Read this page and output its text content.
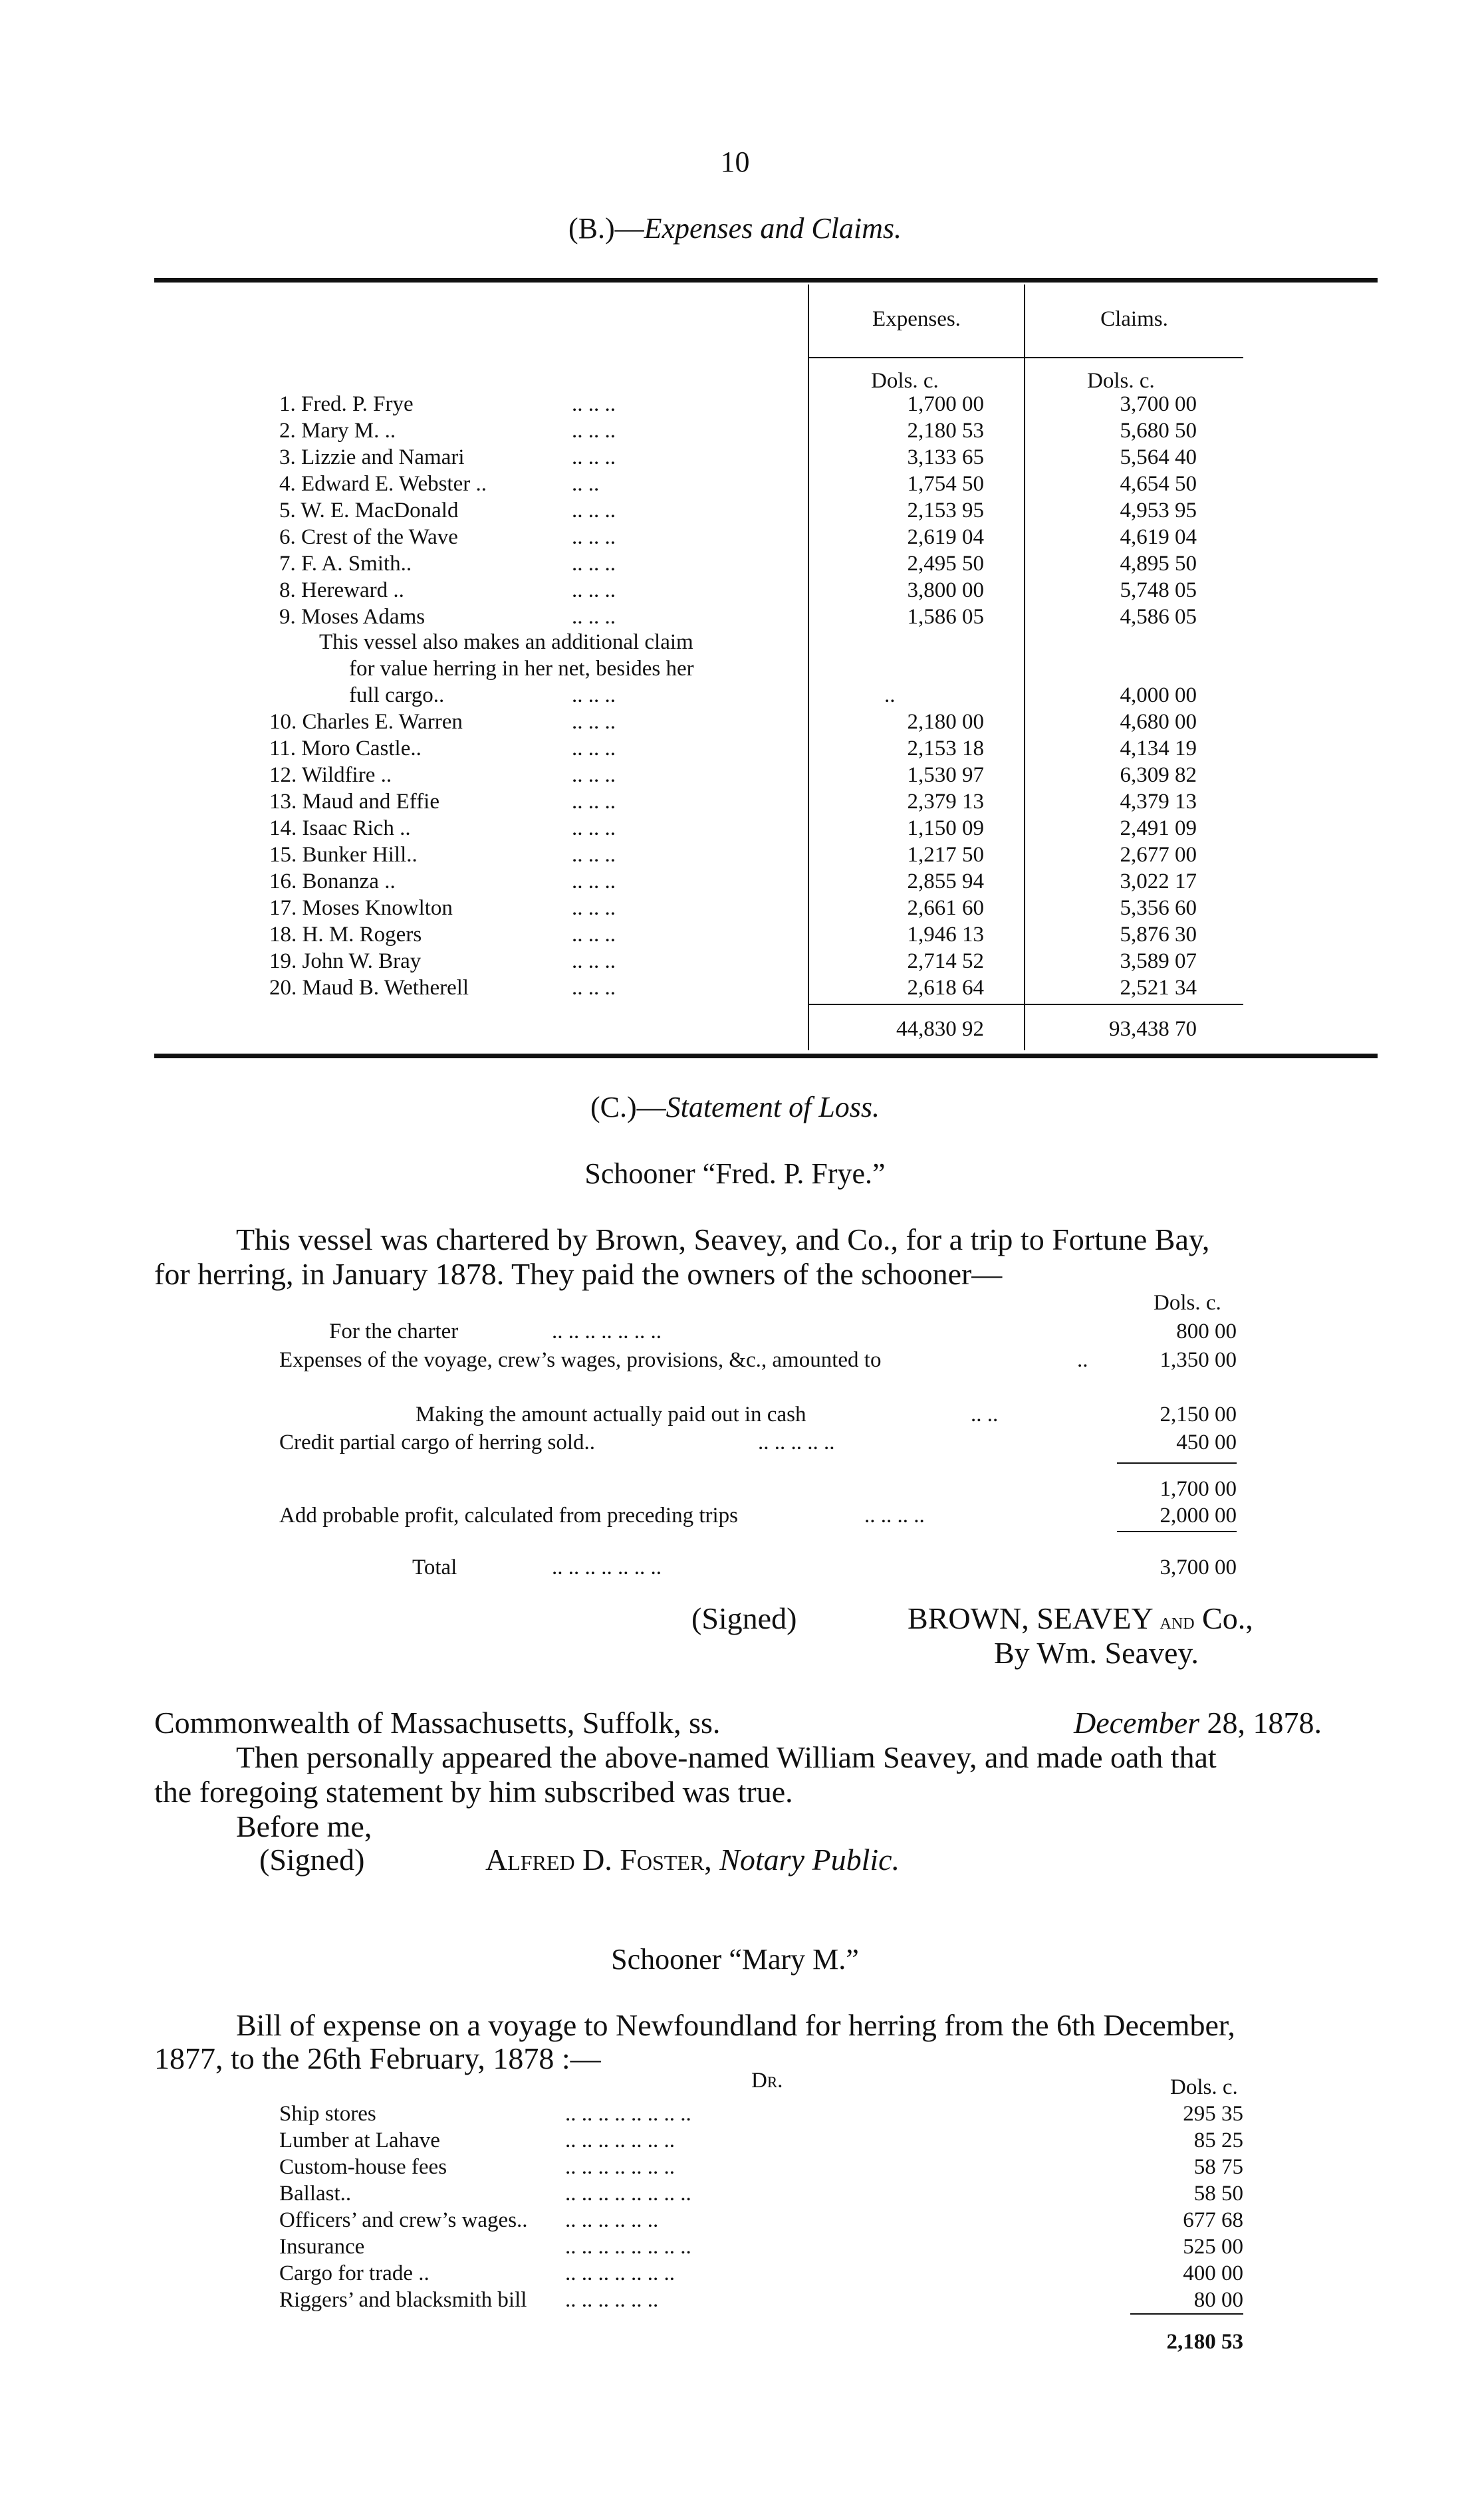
10
(B.)—Expenses and Claims.
Expenses.	Claims.
Dols. c.	Dols. c.
1. Fred. P. Frye	.. .. ..	1,700 00	3,700 00
2. Mary M. ..	.. .. ..	2,180 53	5,680 50
3. Lizzie and Namari	.. .. ..	3,133 65	5,564 40
4. Edward E. Webster ..	.. ..	1,754 50	4,654 50
5. W. E. MacDonald	.. .. ..	2,153 95	4,953 95
6. Crest of the Wave	.. .. ..	2,619 04	4,619 04
7. F. A. Smith..	.. .. ..	2,495 50	4,895 50
8. Hereward ..	.. .. ..	3,800 00	5,748 05
9. Moses Adams	.. .. ..	1,586 05	4,586 05
This vessel also makes an additional claim
for value herring in her net, besides her
full cargo..	.. .. ..	..	4,000 00
10. Charles E. Warren	.. .. ..	2,180 00	4,680 00
11. Moro Castle..	.. .. ..	2,153 18	4,134 19
12. Wildfire ..	.. .. ..	1,530 97	6,309 82
13. Maud and Effie	.. .. ..	2,379 13	4,379 13
14. Isaac Rich ..	.. .. ..	1,150 09	2,491 09
15. Bunker Hill..	.. .. ..	1,217 50	2,677 00
16. Bonanza ..	.. .. ..	2,855 94	3,022 17
17. Moses Knowlton	.. .. ..	2,661 60	5,356 60
18. H. M. Rogers	.. .. ..	1,946 13	5,876 30
19. John W. Bray	.. .. ..	2,714 52	3,589 07
20. Maud B. Wetherell	.. .. ..	2,618 64	2,521 34
44,830 92	93,438 70
(C.)—Statement of Loss.
Schooner “Fred. P. Frye.”
This vessel was chartered by Brown, Seavey, and Co., for a trip to Fortune Bay,
for herring, in January 1878. They paid the owners of the schooner—
Dols. c.
For the charter	.. .. .. .. .. .. ..	800 00
Expenses of the voyage, crew’s wages, provisions, &c., amounted to	..	1,350 00
Making the amount actually paid out in cash	.. ..	2,150 00
Credit partial cargo of herring sold..	.. .. .. .. ..	450 00
1,700 00
Add probable profit, calculated from preceding trips	.. .. .. ..	2,000 00
Total	.. .. .. .. .. .. ..	3,700 00
(Signed)	BROWN, SEAVEY and Co.,
By Wm. Seavey.
Commonwealth of Massachusetts, Suffolk, ss.	December 28, 1878.
Then personally appeared the above-named William Seavey, and made oath that
the foregoing statement by him subscribed was true.
Before me,
(Signed)	Alfred D. Foster, Notary Public.
Schooner “Mary M.”
Bill of expense on a voyage to Newfoundland for herring from the 6th December,
1877, to the 26th February, 1878 :—
Dr.	Dols. c.
Ship stores	.. .. .. .. .. .. .. ..	295 35
Lumber at Lahave	.. .. .. .. .. .. ..	85 25
Custom-house fees	.. .. .. .. .. .. ..	58 75
Ballast..	.. .. .. .. .. .. .. ..	58 50
Officers’ and crew’s wages.. .. .. .. .. .. ..	677 68
Insurance	.. .. .. .. .. .. .. ..	525 00
Cargo for trade ..	.. .. .. .. .. .. ..	400 00
Riggers’ and blacksmith bill .. .. .. .. .. ..	80 00
2,180 53
